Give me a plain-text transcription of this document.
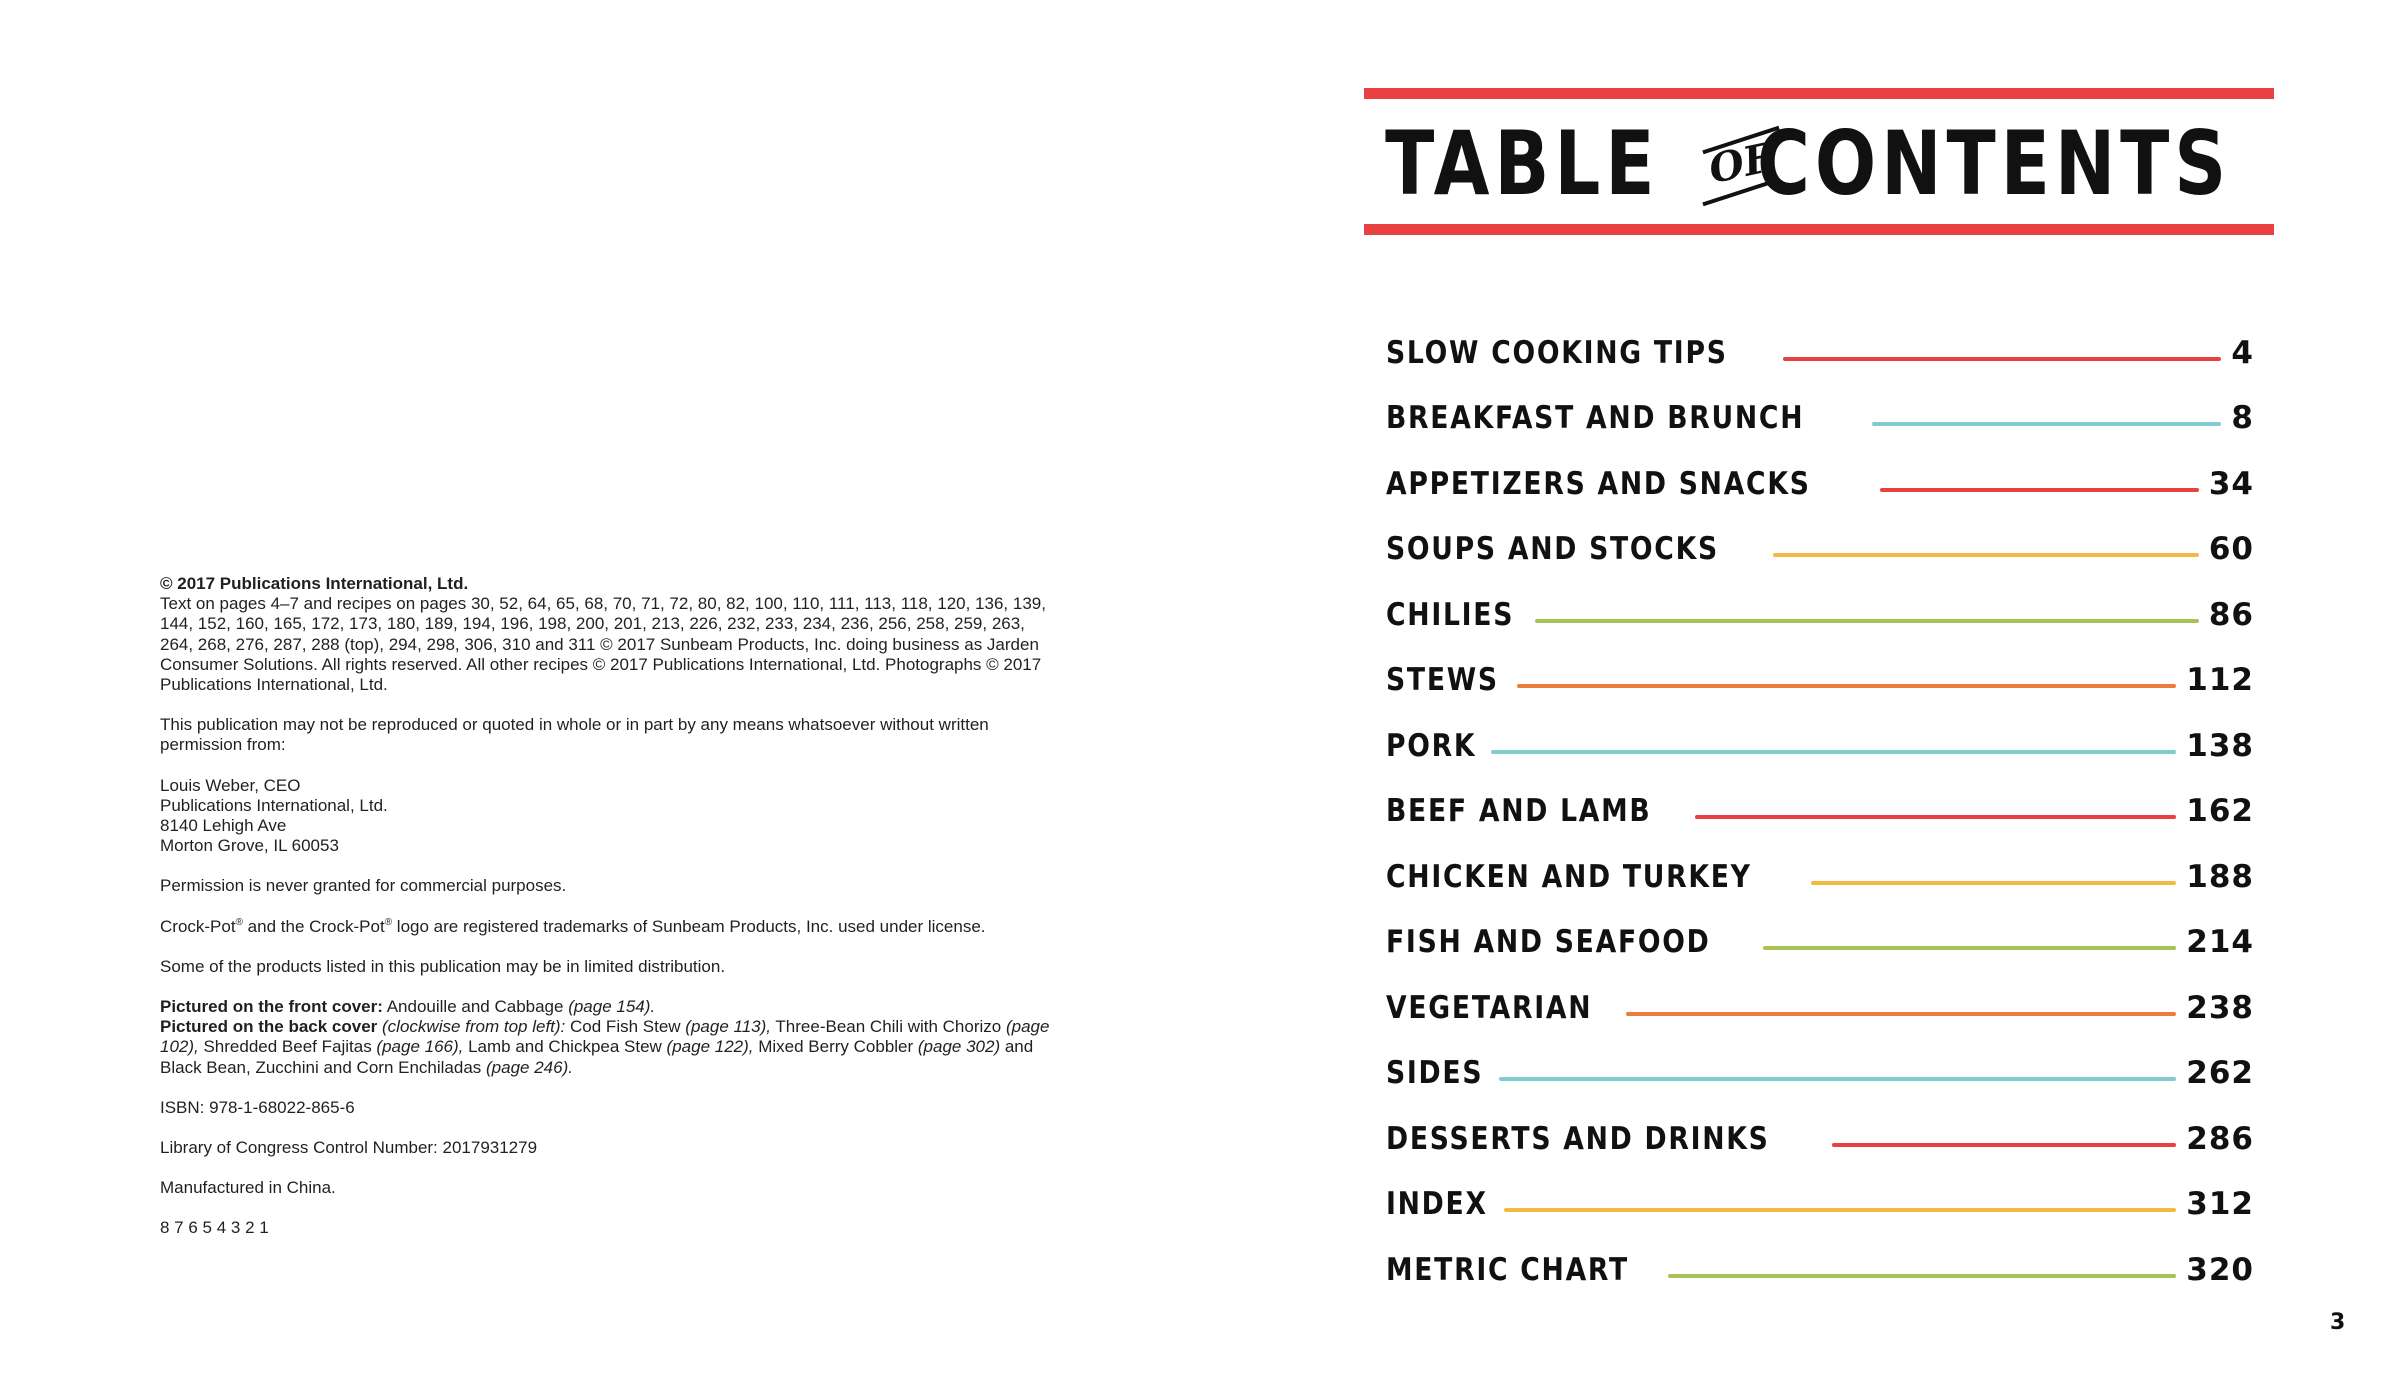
© 2017 Publications International, Ltd.

Text on pages 4–7 and recipes on pages 30, 52, 64, 65, 68, 70, 71, 72, 80, 82, 100, 110, 111, 113, 118, 120, 136, 139, 144, 152, 160, 165, 172, 173, 180, 189, 194, 196, 198, 200, 201, 213, 226, 232, 233, 234, 236, 256, 258, 259, 263, 264, 268, 276, 287, 288 (top), 294, 298, 306, 310 and 311 © 2017 Sunbeam Products, Inc. doing business as Jarden Consumer Solutions. All rights reserved. All other recipes © 2017 Publications International, Ltd. Photographs © 2017 Publications International, Ltd.

This publication may not be reproduced or quoted in whole or in part by any means whatsoever without written permission from:

Louis Weber, CEO
Publications International, Ltd.
8140 Lehigh Ave
Morton Grove, IL 60053

Permission is never granted for commercial purposes.

Crock-Pot® and the Crock-Pot® logo are registered trademarks of Sunbeam Products, Inc. used under license.

Some of the products listed in this publication may be in limited distribution.

Pictured on the front cover: Andouille and Cabbage (page 154).
Pictured on the back cover (clockwise from top left): Cod Fish Stew (page 113), Three-Bean Chili with Chorizo (page 102), Shredded Beef Fajitas (page 166), Lamb and Chickpea Stew (page 122), Mixed Berry Cobbler (page 302) and Black Bean, Zucchini and Corn Enchiladas (page 246).

ISBN: 978-1-68022-865-6

Library of Congress Control Number: 2017931279

Manufactured in China.

8 7 6 5 4 3 2 1

TABLE OF
CONTENTS
SLOW COOKING TIPS	4
BREAKFAST AND BRUNCH	8
APPETIZERS AND SNACKS	34
SOUPS AND STOCKS	60
CHILIES	86
STEWS	112
PORK	138
BEEF AND LAMB	162
CHICKEN AND TURKEY	188
FISH AND SEAFOOD	214
VEGETARIAN	238
SIDES	262
DESSERTS AND DRINKS	286
INDEX	312
METRIC CHART	320
3
